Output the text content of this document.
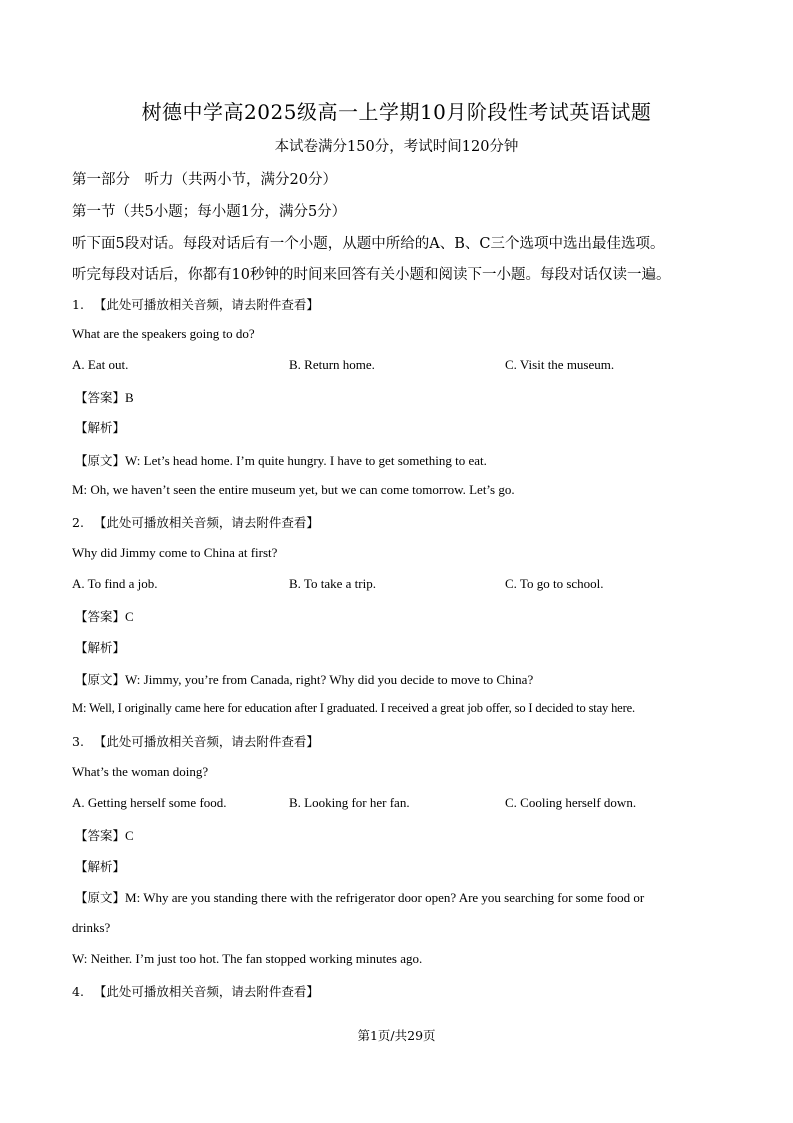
树德中学高2025级高一上学期10月阶段性考试英语试题
本试卷满分150分，考试时间120分钟
第一部分　听力（共两小节，满分20分）
第一节（共5小题；每小题1分，满分5分）
听下面5段对话。每段对话后有一个小题，从题中所给的A、B、C三个选项中选出最佳选项。
听完每段对话后，你都有10秒钟的时间来回答有关小题和阅读下一小题。每段对话仅读一遍。
1. 【此处可播放相关音频，请去附件查看】
What are the speakers going to do?
A. Eat out.	B. Return home.	C. Visit the museum.
【答案】B
【解析】
【原文】W: Let’s head home. I’m quite hungry. I have to get something to eat.
M: Oh, we haven’t seen the entire museum yet, but we can come tomorrow. Let’s go.
2. 【此处可播放相关音频，请去附件查看】
Why did Jimmy come to China at first?
A. To find a job.	B. To take a trip.	C. To go to school.
【答案】C
【解析】
【原文】W: Jimmy, you’re from Canada, right? Why did you decide to move to China?
M: Well, I originally came here for education after I graduated. I received a great job offer, so I decided to stay here.
3. 【此处可播放相关音频，请去附件查看】
What’s the woman doing?
A. Getting herself some food.	B. Looking for her fan.	C. Cooling herself down.
【答案】C
【解析】
【原文】M: Why are you standing there with the refrigerator door open? Are you searching for some food or
drinks?
W: Neither. I’m just too hot. The fan stopped working minutes ago.
4. 【此处可播放相关音频，请去附件查看】
第1页/共29页
